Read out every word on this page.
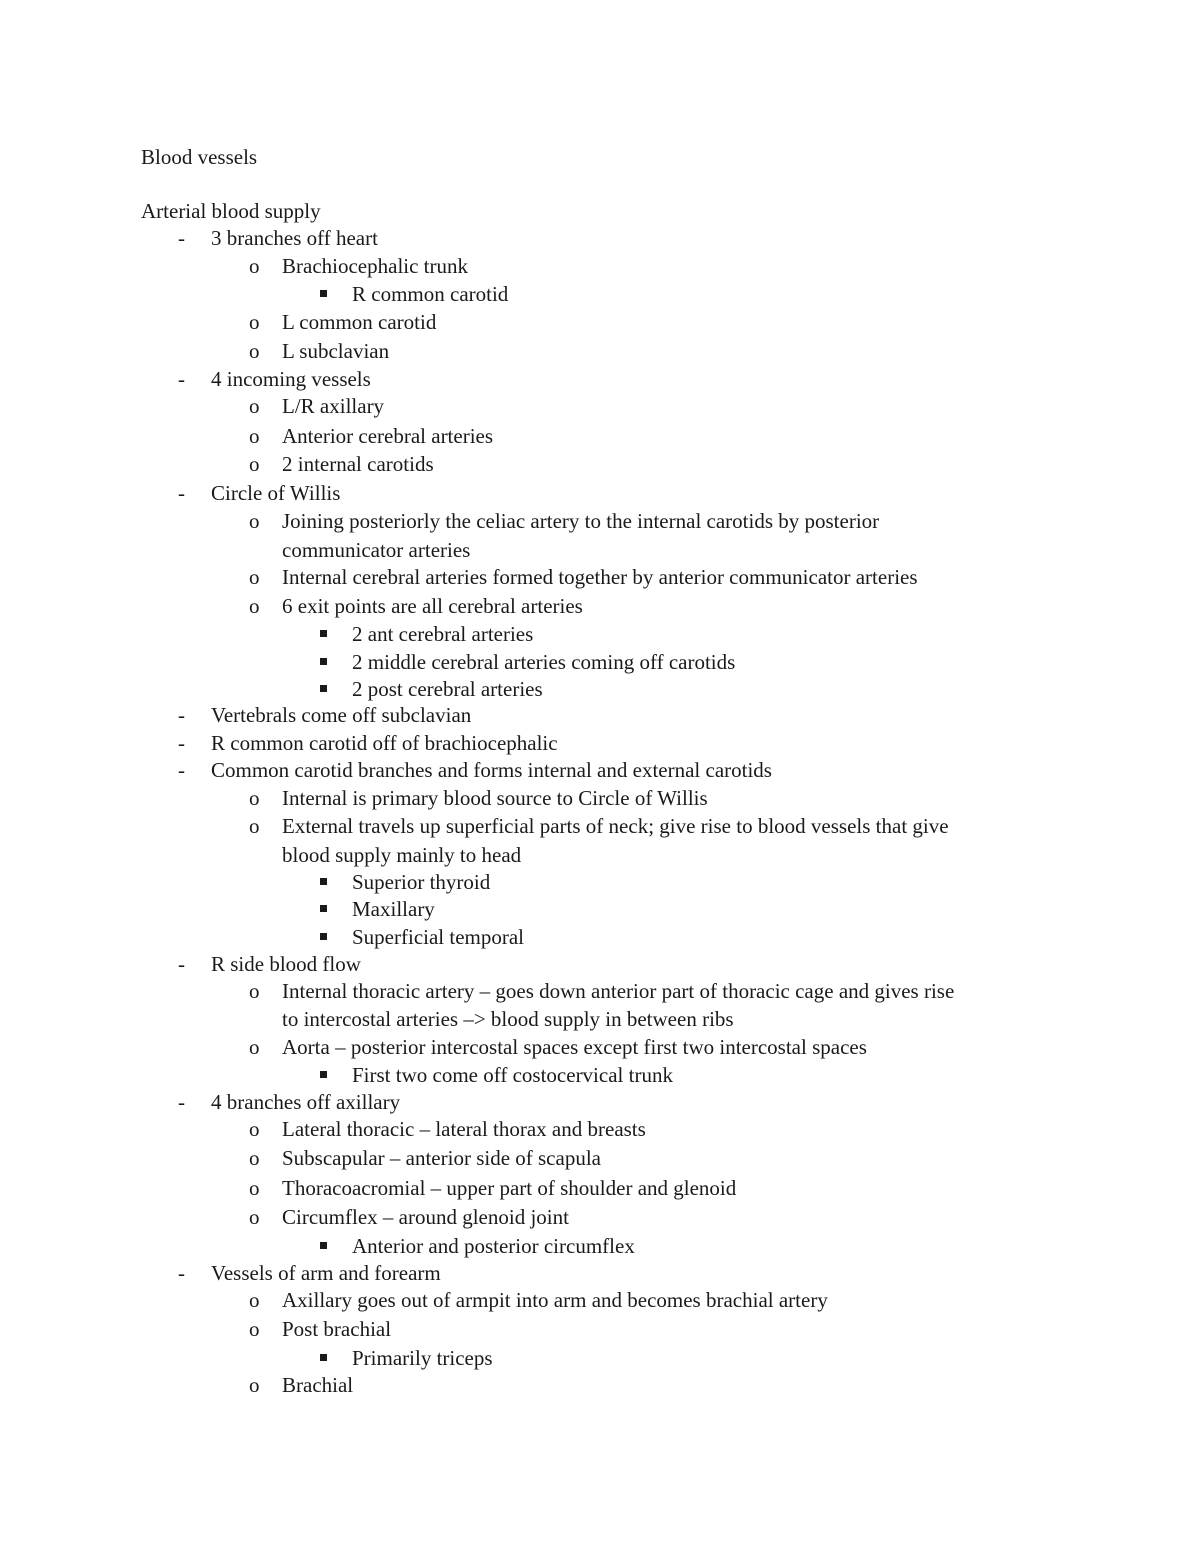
Blood vessels
Arterial blood supply
3 branches off heart
-
Brachiocephalic trunk
o
R common carotid
L common carotid
o
L subclavian
o
4 incoming vessels
-
L/R axillary
o
Anterior cerebral arteries
o
2 internal carotids
o
Circle of Willis
-
Joining posteriorly the celiac artery to the internal carotids by posterior
o
communicator arteries
Internal cerebral arteries formed together by anterior communicator arteries
o
6 exit points are all cerebral arteries
o
2 ant cerebral arteries
2 middle cerebral arteries coming off carotids
2 post cerebral arteries
Vertebrals come off subclavian
-
R common carotid off of brachiocephalic
-
Common carotid branches and forms internal and external carotids
-
Internal is primary blood source to Circle of Willis
o
External travels up superficial parts of neck; give rise to blood vessels that give
o
blood supply mainly to head
Superior thyroid
Maxillary
Superficial temporal
R side blood flow
-
Internal thoracic artery – goes down anterior part of thoracic cage and gives rise
o
to intercostal arteries –> blood supply in between ribs
Aorta – posterior intercostal spaces except first two intercostal spaces
o
First two come off costocervical trunk
4 branches off axillary
-
Lateral thoracic – lateral thorax and breasts
o
Subscapular – anterior side of scapula
o
Thoracoacromial – upper part of shoulder and glenoid
o
Circumflex – around glenoid joint
o
Anterior and posterior circumflex
Vessels of arm and forearm
-
Axillary goes out of armpit into arm and becomes brachial artery
o
Post brachial
o
Primarily triceps
Brachial
o
